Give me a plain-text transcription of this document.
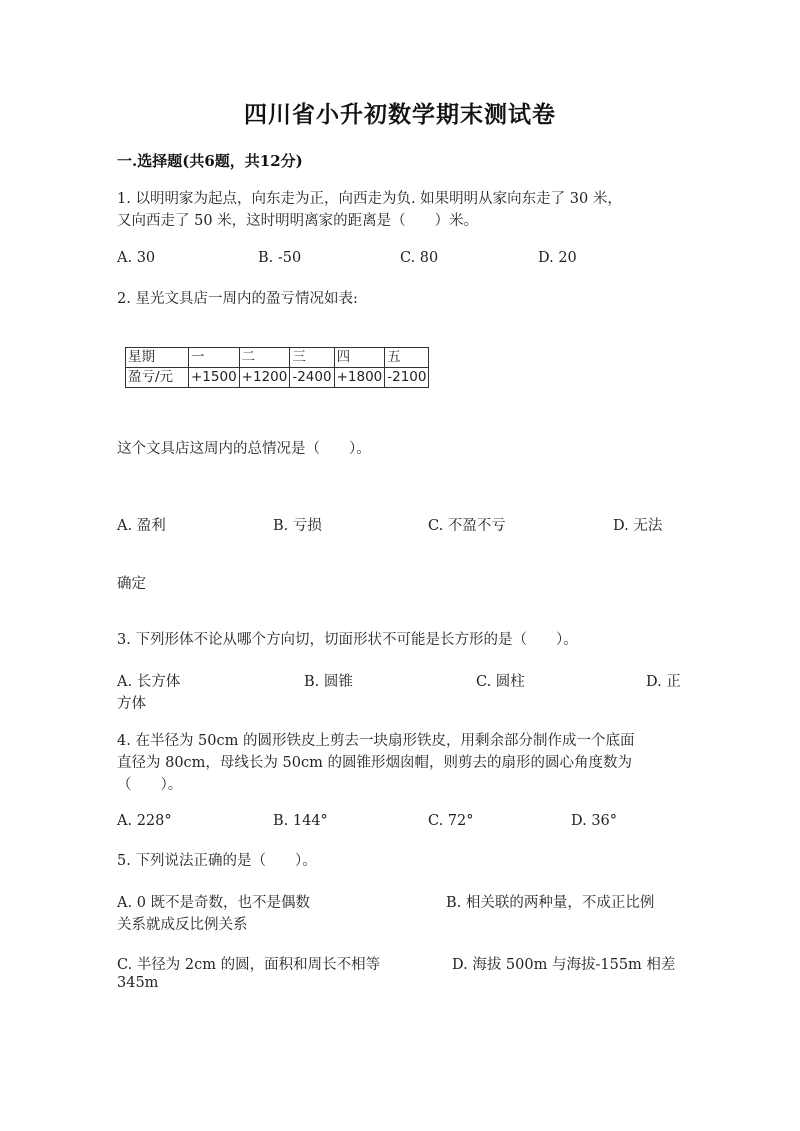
四川省小升初数学期末测试卷
一.选择题(共6题，共12分)
1. 以明明家为起点，向东走为正，向西走为负. 如果明明从家向东走了 30 米，
又向西走了 50 米，这时明明离家的距离是（　　）米。
A. 30	B. -50	C. 80	D. 20
2. 星光文具店一周内的盈亏情况如表:
星期	一	二	三	四	五
盈亏/元	+1500	+1200	-2400	+1800	-2100
这个文具店这周内的总情况是（　　）。
A. 盈利	B. 亏损	C. 不盈不亏	D. 无法
确定
3. 下列形体不论从哪个方向切，切面形状不可能是长方形的是（　　）。
A. 长方体	B. 圆锥	C. 圆柱	D. 正
方体
4. 在半径为 50cm 的圆形铁皮上剪去一块扇形铁皮，用剩余部分制作成一个底面
直径为 80cm，母线长为 50cm 的圆锥形烟囱帽，则剪去的扇形的圆心角度数为
（　　）。
A. 228°	B. 144°	C. 72°	D. 36°
5. 下列说法正确的是（　　）。
A. 0 既不是奇数，也不是偶数	B. 相关联的两种量，不成正比例
关系就成反比例关系
C. 半径为 2cm 的圆，面积和周长不相等	D. 海拔 500m 与海拔-155m 相差
345m
